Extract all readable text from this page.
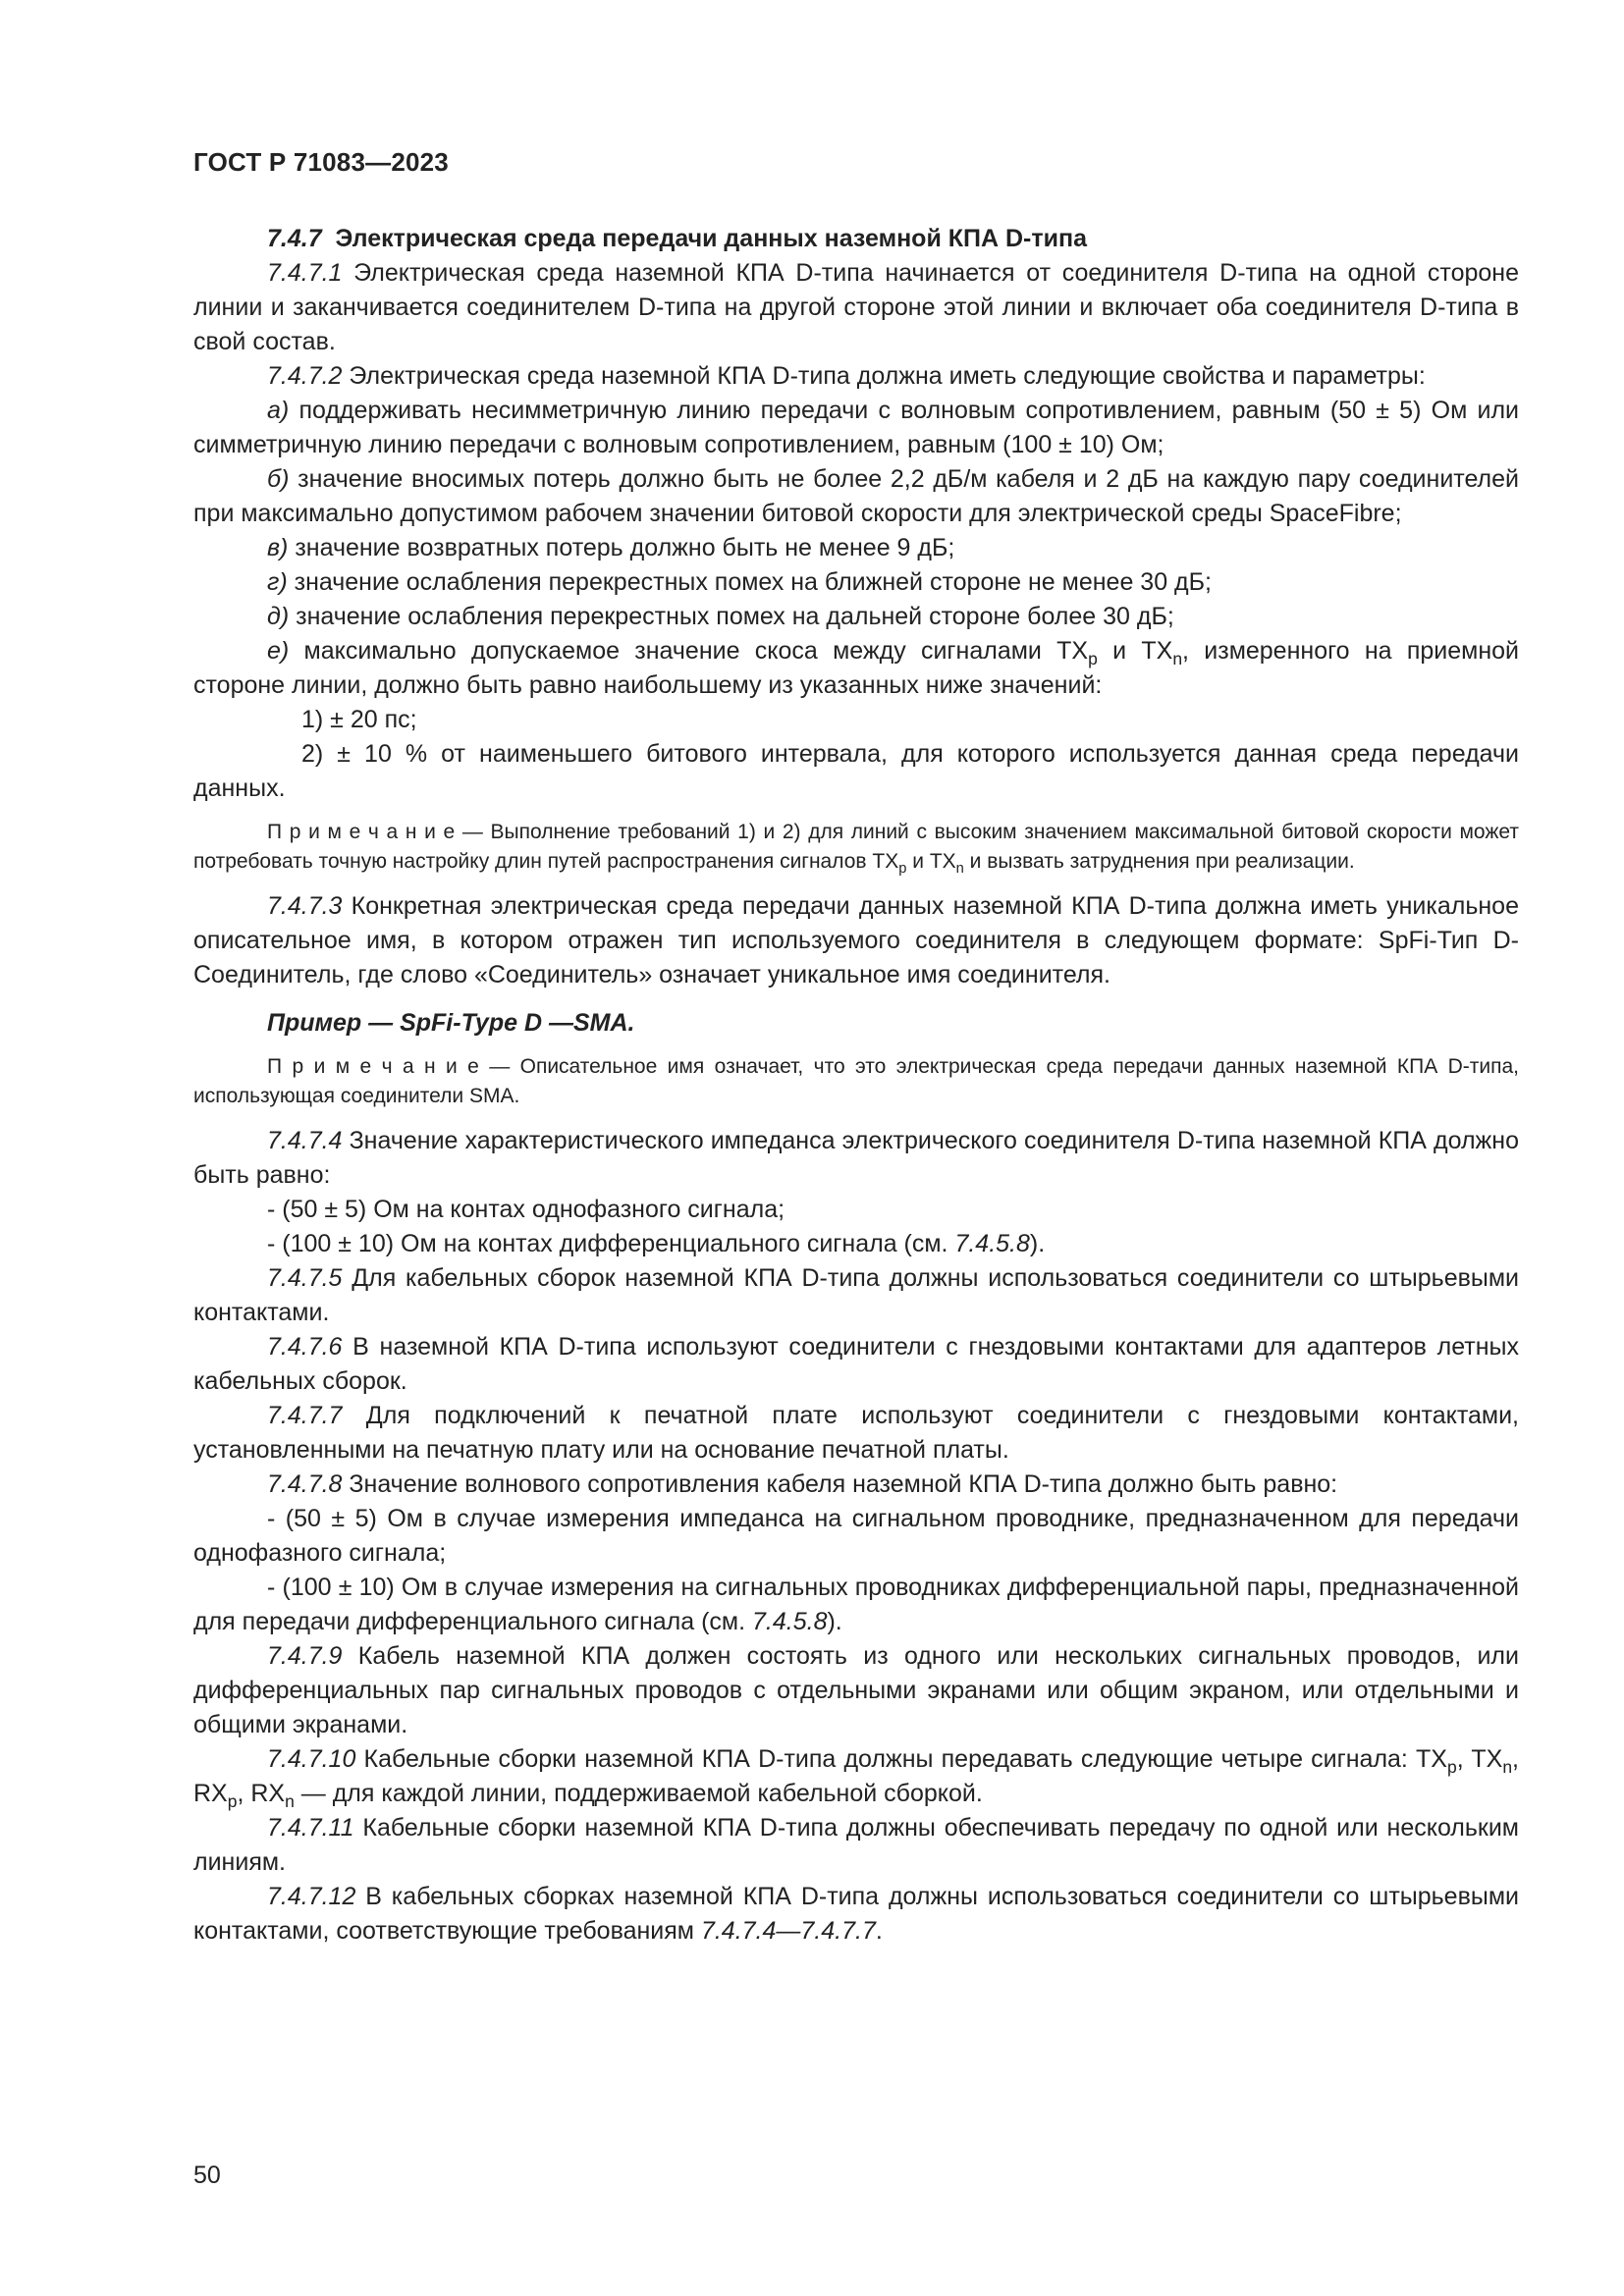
ГОСТ Р 71083—2023

7.4.7 Электрическая среда передачи данных наземной КПА D-типа

7.4.7.1 Электрическая среда наземной КПА D-типа начинается от соединителя D-типа на одной стороне линии и заканчивается соединителем D-типа на другой стороне этой линии и включает оба соединителя D-типа в свой состав.

7.4.7.2 Электрическая среда наземной КПА D-типа должна иметь следующие свойства и параметры:

а) поддерживать несимметричную линию передачи с волновым сопротивлением, равным (50 ± 5) Ом или симметричную линию передачи с волновым сопротивлением, равным (100 ± 10) Ом;

б) значение вносимых потерь должно быть не более 2,2 дБ/м кабеля и 2 дБ на каждую пару соединителей при максимально допустимом рабочем значении битовой скорости для электрической среды SpaceFibre;

в) значение возвратных потерь должно быть не менее 9 дБ;

г) значение ослабления перекрестных помех на ближней стороне не менее 30 дБ;

д) значение ослабления перекрестных помех на дальней стороне более 30 дБ;

е) максимально допускаемое значение скоса между сигналами $TX_p$ и $TX_n$, измеренного на приемной стороне линии, должно быть равно наибольшему из указанных ниже значений:

1) ± 20 пс;

2) ± 10 % от наименьшего битового интервала, для которого используется данная среда передачи данных.

П р и м е ч а н и е — Выполнение требований 1) и 2) для линий с высоким значением максимальной битовой скорости может потребовать точную настройку длин путей распространения сигналов $TX_p$ и $TX_n$ и вызвать затруднения при реализации.

7.4.7.3 Конкретная электрическая среда передачи данных наземной КПА D-типа должна иметь уникальное описательное имя, в котором отражен тип используемого соединителя в следующем формате: SpFi-Тип D-Соединитель, где слово «Соединитель» означает уникальное имя соединителя.

Пример — SpFi-Type D —SMA.

П р и м е ч а н и е — Описательное имя означает, что это электрическая среда передачи данных наземной КПА D-типа, использующая соединители SMA.

7.4.7.4 Значение характеристического импеданса электрического соединителя D-типа наземной КПА должно быть равно:

- (50 ± 5) Ом на контах однофазного сигнала;

- (100 ± 10) Ом на контах дифференциального сигнала (см. 7.4.5.8).

7.4.7.5 Для кабельных сборок наземной КПА D-типа должны использоваться соединители со штырьевыми контактами.

7.4.7.6 В наземной КПА D-типа используют соединители с гнездовыми контактами для адаптеров летных кабельных сборок.

7.4.7.7 Для подключений к печатной плате используют соединители с гнездовыми контактами, установленными на печатную плату или на основание печатной платы.

7.4.7.8 Значение волнового сопротивления кабеля наземной КПА D-типа должно быть равно:

- (50 ± 5) Ом в случае измерения импеданса на сигнальном проводнике, предназначенном для передачи однофазного сигнала;

- (100 ± 10) Ом в случае измерения на сигнальных проводниках дифференциальной пары, предназначенной для передачи дифференциального сигнала (см. 7.4.5.8).

7.4.7.9 Кабель наземной КПА должен состоять из одного или нескольких сигнальных проводов, или дифференциальных пар сигнальных проводов с отдельными экранами или общим экраном, или отдельными и общими экранами.

7.4.7.10 Кабельные сборки наземной КПА D-типа должны передавать следующие четыре сигнала: $TX_p$, $TX_n$, $RX_p$, $RX_n$ — для каждой линии, поддерживаемой кабельной сборкой.

7.4.7.11 Кабельные сборки наземной КПА D-типа должны обеспечивать передачу по одной или нескольким линиям.

7.4.7.12 В кабельных сборках наземной КПА D-типа должны использоваться соединители со штырьевыми контактами, соответствующие требованиям 7.4.7.4—7.4.7.7.

50
